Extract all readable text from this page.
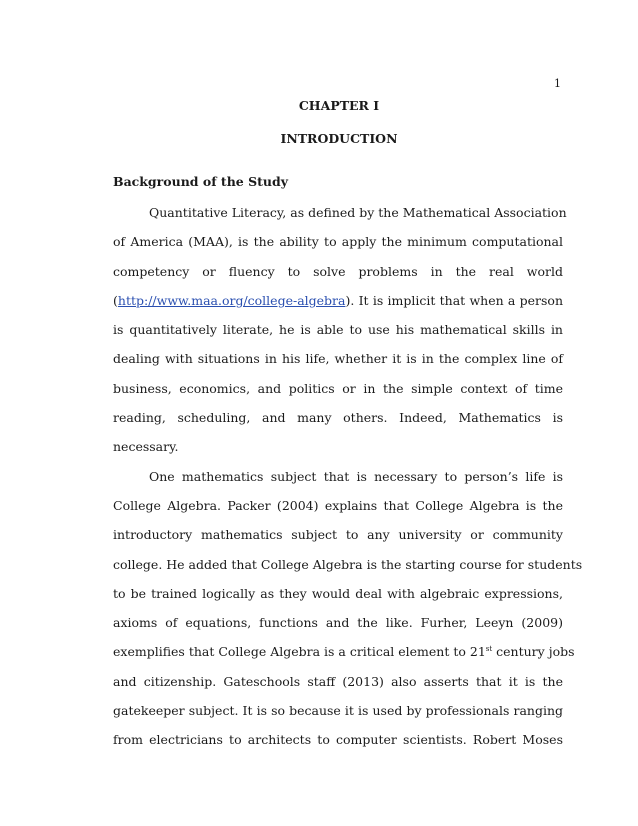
1
CHAPTER I
INTRODUCTION
Background of the Study
Quantitative Literacy, as defined by the Mathematical Association
of America (MAA), is the ability to apply the minimum computational
competency or fluency to solve problems in the real world
(http://www.maa.org/college-algebra). It is implicit that when a person
is quantitatively literate, he is able to use his mathematical skills in
dealing with situations in his life, whether it is in the complex line of
business, economics, and politics or in the simple context of time
reading, scheduling, and many others. Indeed, Mathematics is
necessary.
One mathematics subject that is necessary to person’s life is
College Algebra. Packer (2004) explains that College Algebra is the
introductory mathematics subject to any university or community
college. He added that College Algebra is the starting course for students
to be trained logically as they would deal with algebraic expressions,
axioms of equations, functions and the like. Furher, Leeyn (2009)
exemplifies that College Algebra is a critical element to 21st century jobs
and citizenship. Gateschools staff (2013) also asserts that it is the
gatekeeper subject. It is so because it is used by professionals ranging
from electricians to architects to computer scientists. Robert Moses
